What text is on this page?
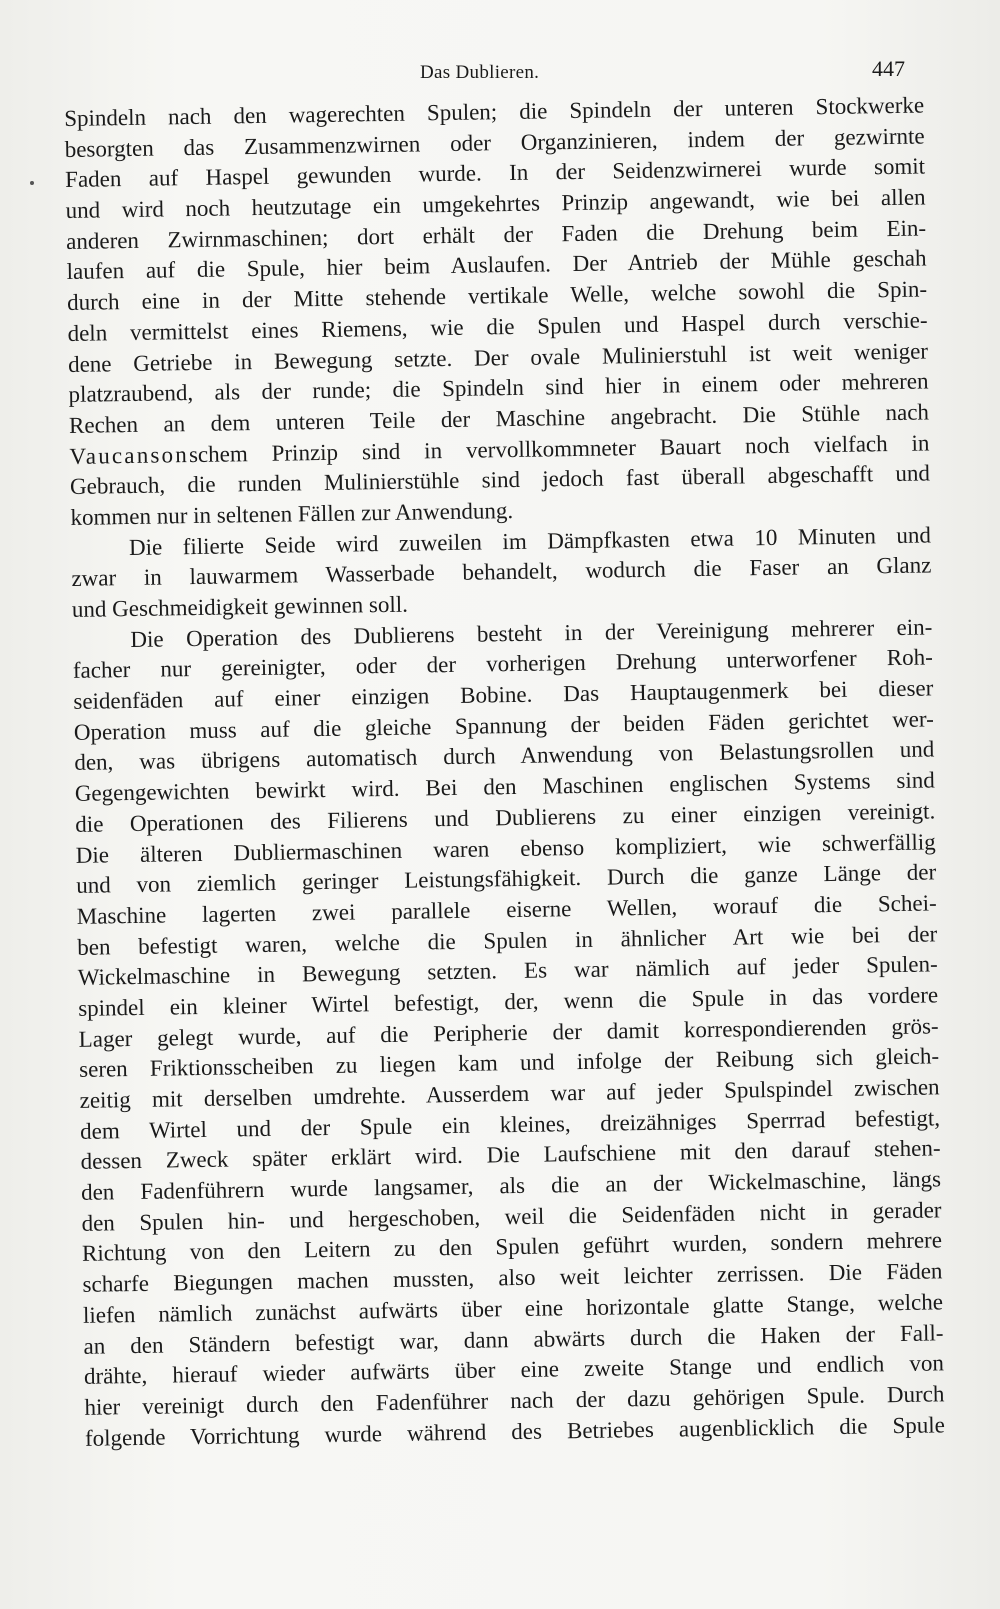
Das Dublieren.	447
Spindeln nach den wagerechten Spulen; die Spindeln der unteren Stockwerke
besorgten das Zusammenzwirnen oder Organzinieren, indem der gezwirnte
Faden auf Haspel gewunden wurde. In der Seidenzwirnerei wurde somit
und wird noch heutzutage ein umgekehrtes Prinzip angewandt, wie bei allen
anderen Zwirnmaschinen; dort erhält der Faden die Drehung beim Ein-
laufen auf die Spule, hier beim Auslaufen. Der Antrieb der Mühle geschah
durch eine in der Mitte stehende vertikale Welle, welche sowohl die Spin-
deln vermittelst eines Riemens, wie die Spulen und Haspel durch verschie-
dene Getriebe in Bewegung setzte. Der ovale Mulinierstuhl ist weit weniger
platzraubend, als der runde; die Spindeln sind hier in einem oder mehreren
Rechen an dem unteren Teile der Maschine angebracht. Die Stühle nach
Vaucansonschem Prinzip sind in vervollkommneter Bauart noch vielfach in
Gebrauch, die runden Mulinierstühle sind jedoch fast überall abgeschafft und
kommen nur in seltenen Fällen zur Anwendung.
Die filierte Seide wird zuweilen im Dämpfkasten etwa 10 Minuten und
zwar in lauwarmem Wasserbade behandelt, wodurch die Faser an Glanz
und Geschmeidigkeit gewinnen soll.
Die Operation des Dublierens besteht in der Vereinigung mehrerer ein-
facher nur gereinigter, oder der vorherigen Drehung unterworfener Roh-
seidenfäden auf einer einzigen Bobine. Das Hauptaugenmerk bei dieser
Operation muss auf die gleiche Spannung der beiden Fäden gerichtet wer-
den, was übrigens automatisch durch Anwendung von Belastungsrollen und
Gegengewichten bewirkt wird. Bei den Maschinen englischen Systems sind
die Operationen des Filierens und Dublierens zu einer einzigen vereinigt.
Die älteren Dubliermaschinen waren ebenso kompliziert, wie schwerfällig
und von ziemlich geringer Leistungsfähigkeit. Durch die ganze Länge der
Maschine lagerten zwei parallele eiserne Wellen, worauf die Schei-
ben befestigt waren, welche die Spulen in ähnlicher Art wie bei der
Wickelmaschine in Bewegung setzten. Es war nämlich auf jeder Spulen-
spindel ein kleiner Wirtel befestigt, der, wenn die Spule in das vordere
Lager gelegt wurde, auf die Peripherie der damit korrespondierenden grös-
seren Friktionsscheiben zu liegen kam und infolge der Reibung sich gleich-
zeitig mit derselben umdrehte. Ausserdem war auf jeder Spulspindel zwischen
dem Wirtel und der Spule ein kleines, dreizähniges Sperrrad befestigt,
dessen Zweck später erklärt wird. Die Laufschiene mit den darauf stehen-
den Fadenführern wurde langsamer, als die an der Wickelmaschine, längs
den Spulen hin- und hergeschoben, weil die Seidenfäden nicht in gerader
Richtung von den Leitern zu den Spulen geführt wurden, sondern mehrere
scharfe Biegungen machen mussten, also weit leichter zerrissen. Die Fäden
liefen nämlich zunächst aufwärts über eine horizontale glatte Stange, welche
an den Ständern befestigt war, dann abwärts durch die Haken der Fall-
drähte, hierauf wieder aufwärts über eine zweite Stange und endlich von
hier vereinigt durch den Fadenführer nach der dazu gehörigen Spule. Durch
folgende Vorrichtung wurde während des Betriebes augenblicklich die Spule
